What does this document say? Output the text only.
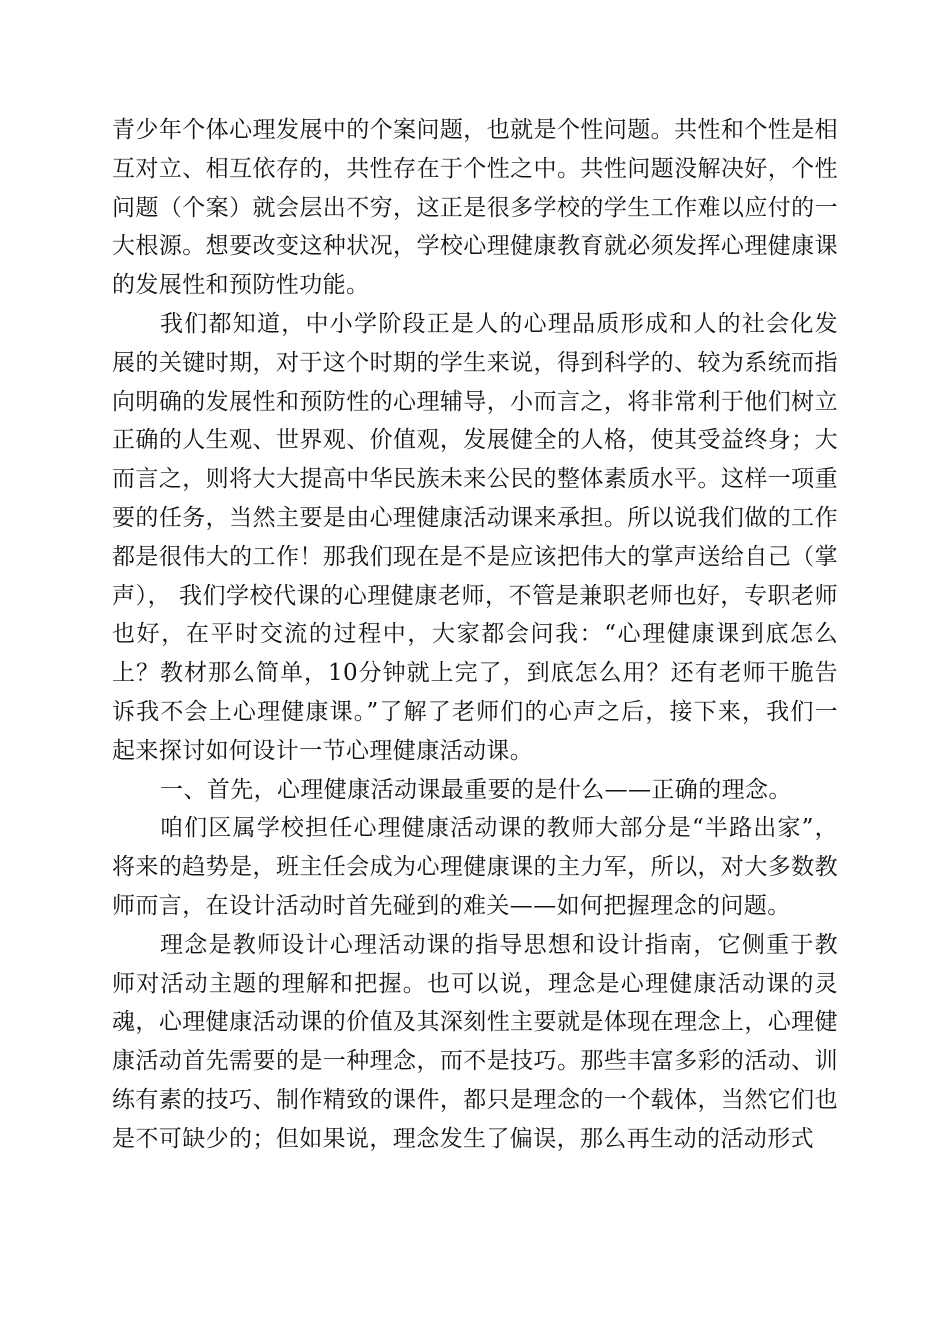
青少年个体心理发展中的个案问题，也就是个性问题。共性和个性是相互对立、相互依存的，共性存在于个性之中。共性问题没解决好，个性问题（个案）就会层出不穷，这正是很多学校的学生工作难以应付的一大根源。想要改变这种状况，学校心理健康教育就必须发挥心理健康课的发展性和预防性功能。

我们都知道，中小学阶段正是人的心理品质形成和人的社会化发展的关键时期，对于这个时期的学生来说，得到科学的、较为系统而指向明确的发展性和预防性的心理辅导，小而言之，将非常利于他们树立正确的人生观、世界观、价值观，发展健全的人格，使其受益终身；大而言之，则将大大提高中华民族未来公民的整体素质水平。这样一项重要的任务，当然主要是由心理健康活动课来承担。所以说我们做的工作都是很伟大的工作！那我们现在是不是应该把伟大的掌声送给自己（掌声）， 我们学校代课的心理健康老师，不管是兼职老师也好，专职老师也好，在平时交流的过程中，大家都会问我：“心理健康课到底怎么上？教材那么简单，10分钟就上完了，到底怎么用？还有老师干脆告诉我不会上心理健康课。”了解了老师们的心声之后，接下来，我们一起来探讨如何设计一节心理健康活动课。

一、首先，心理健康活动课最重要的是什么——正确的理念。

咱们区属学校担任心理健康活动课的教师大部分是“半路出家”，将来的趋势是，班主任会成为心理健康课的主力军，所以，对大多数教师而言，在设计活动时首先碰到的难关——如何把握理念的问题。

理念是教师设计心理活动课的指导思想和设计指南，它侧重于教师对活动主题的理解和把握。也可以说，理念是心理健康活动课的灵魂，心理健康活动课的价值及其深刻性主要就是体现在理念上，心理健康活动首先需要的是一种理念，而不是技巧。那些丰富多彩的活动、训练有素的技巧、制作精致的课件，都只是理念的一个载体，当然它们也是不可缺少的；但如果说，理念发生了偏误，那么再生动的活动形式
